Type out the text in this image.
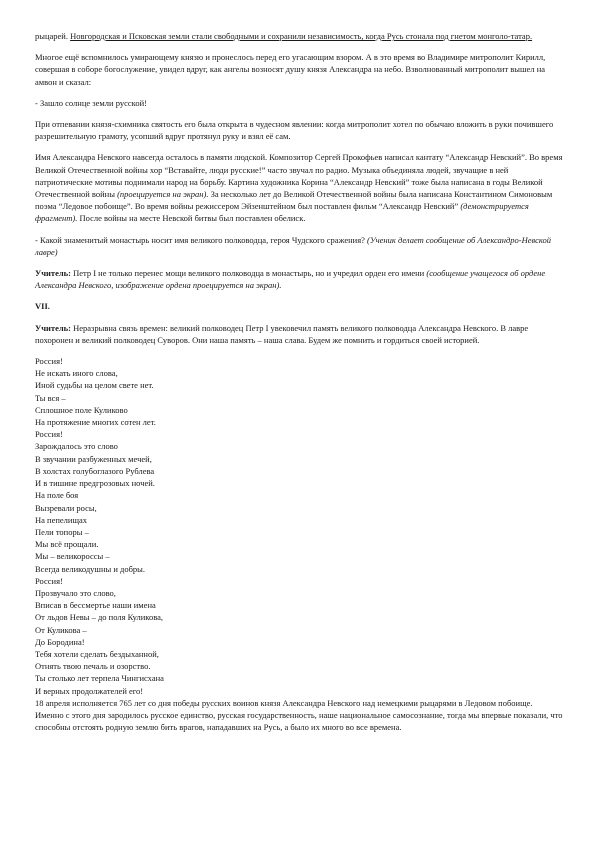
рыцарей. Новгородская и Псковская земли стали свободными и сохранили независимость, когда Русь стонала под гнетом монголо-татар.

Многое ещё вспомнилось умирающему князю и пронеслось перед его угасающим взором. А в это время во Владимире митрополит Кирилл, совершая в соборе богослужение, увидел вдруг, как ангелы возносят душу князя Александра на небо. Взволнованный митрополит вышел на амвон и сказал:

- Зашло солнце земли русской!

При отпевании князя-схимника святость его была открыта в чудесном явлении: когда митрополит хотел по обычаю вложить в руки почившего разрешительную грамоту, усопший вдруг протянул руку и взял её сам.

Имя Александра Невского навсегда осталось в памяти людской. Композитор Сергей Прокофьев написал кантату “Александр Невский”. Во время Великой Отечественной войны хор “Вставайте, люди русские!” часто звучал по радио. Музыка объединяла людей, звучащие в ней патриотические мотивы поднимали народ на борьбу. Картина художника Корина “Александр Невский” тоже была написана в годы Великой Отечественной войны (проецируется на экран). За несколько лет до Великой Отечественной войны была написана Константином Симоновым поэма “Ледовое побоище”. Во время войны режиссером Эйзенштейном был поставлен фильм “Александр Невский” (демонстрируется фрагмент). После войны на месте Невской битвы был поставлен обелиск.

- Какой знаменитый монастырь носит имя великого полководца, героя Чудского сражения? (Ученик делает сообщение об Александро-Невской лавре)

Учитель: Петр I не только перенес мощи великого полководца в монастырь, но и учредил орден его имени (сообщение учащегося об ордене Александра Невского, изображение ордена проецируется на экран).

VII.

Учитель: Неразрывна связь времен: великий полководец Петр I увековечил память великого полководца Александра Невского. В лавре похоронен и великий полководец Суворов. Они наша память – наша слава. Будем же помнить и гордиться своей историей.

Россия!

Не искать иного слова,

Иной судьбы на целом свете нет.

Ты вся –

Сплошное поле Куликово

На протяжение многих сотен лет.

Россия!

Зарождалось это слово

В звучании разбуженных мечей,

В холстах голубоглазого Рублева

И в тишине предгрозовых ночей.

На поле боя

Вызревали росы,

На пепелищах

Пели топоры –

Мы всё прощали.

Мы – великороссы –

Всегда великодушны и добры.

Россия!

Прозвучало это слово,

Вписав в бессмертье наши имена

От льдов Невы – до поля Куликова,

От Куликова –

До Бородина!

Тебя хотели сделать бездыханной,

Отнять твою печаль и озорство.

Ты столько лет терпела Чингисхана

И верных продолжателей его!

18 апреля исполняется 765 лет со дня победы русских воинов князя Александра Невского над немецкими рыцарями в Ледовом побоище. Именно с этого дня зародилось русское единство, русская государственность, наше национальное самосознание, тогда мы впервые показали, что способны отстоять родную землю бить врагов, нападавших на Русь, а было их много во все времена.
